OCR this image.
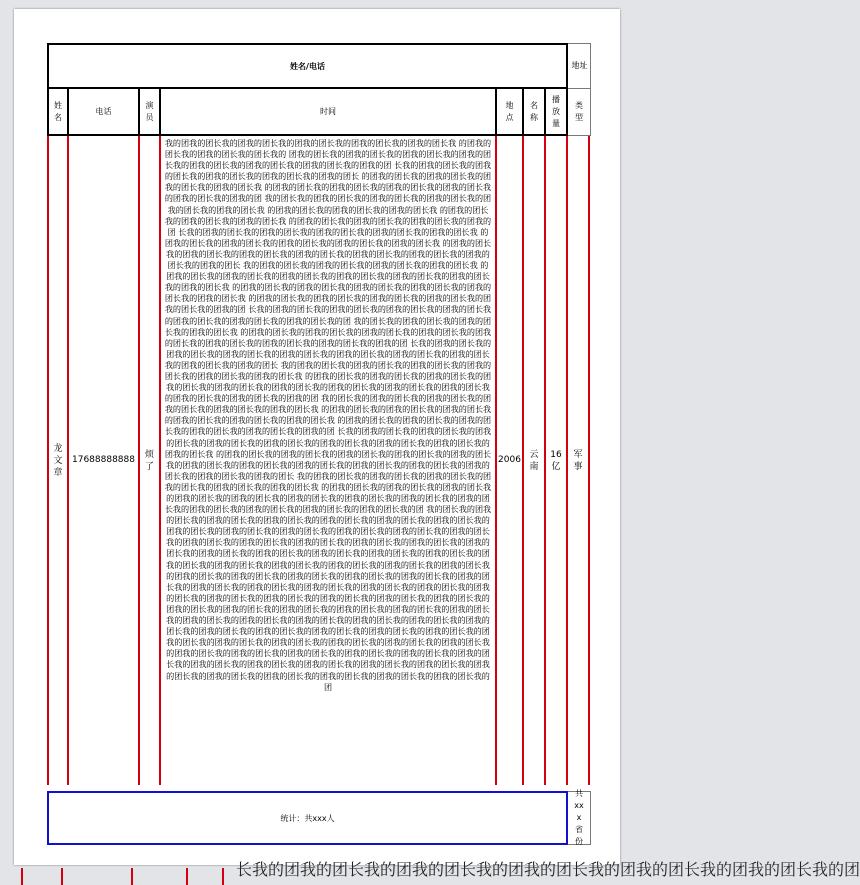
姓名/电话	地址
姓名
电话
演员
时间
地点
名称
播放量
类型
龙文章
17688888888
烦了
我的团我的团长我的团我的团长我的团我的团长我的团我的团长我的团我的团长我 的团我的团长我的团我的团长我的团长我的 团我的团长我的团我的团长我的团我的团长我的团我的团长我的团我的团长我的团我的团长我的团我的团长我的团我的团 长我的团我的团长我的团我的团长我的团我的团长我的团我的团长我的团我的团长 的团我的团长我的团我的团长我的团我的团长我的团我的团长我 的团我的团长我的团我的团长我的团我的团长我的团我的团长我的团我的团长我的团我的团 我的团长我的团我的团长我的团我的团长我的团我的团长我的团我的团长我的团我的团长我 的团我的团长我的团我的团长我的团我的团长我 的团我的团长我的团我的团长我的团我的团长我 的团我的团长我的团我的团长我的团我的团长我的团我的团 长我的团我的团长我的团我的团长我的团我的团长我的团我的团长我的团我的团长我 的团我的团长我的团我的团长我的团我的团长我的团我的团长我的团我的团长我 的团我的团长我的团我的团长我的团我的团长我的团我的团长我的团我的团长我的团我的团长我的团我的团长我的团我的团长 我的团我的团长我的团我的团长我的团我的团长我的团我的团长我 的团我的团长我的团我的团长我的团我的团长我的团我的团长我的团我的团长我的团我的团长我的团我的团长我 的团我的团长我的团我的团长我的团我的团长我的团我的团长我的团我的团长我的团我的团长我 的团我的团长我的团我的团长我的团我的团长我的团我的团长我的团我的团长我的团我的团 长我的团我的团长我的团我的团长我的团我的团长我的团我的团长我的团我的团长我的团我的团长我的团我的团长我的团 我的团长我的团我的团长我的团我的团长我的团我的团长我 的团我的团长我的团我的团长我的团我的团长我的团我的团长我的团我的团长我的团我的团长我的团我的团长我的团我的团长我的团我的团 长我的团我的团长我的团我的团长我的团我的团长我的团我的团长我的团我的团长我的团我的团长我的团我的团长我的团我的团长我的团我的团长 我的团我的团长我的团我的团长我的团我的团长我的团我的团长我的团我的团长我的团我的团长我 的团我的团长我的团我的团长我的团我的团长我的团我的团长我的团我的团长我的团我的团长我的团我的团长我的团我的团长我的团我的团长我的团我的团长我的团我的团长我的团我的团 我的团长我的团我的团长我的团我的团长我的团我的团长我的团我的团长我的团我的团长我 的团我的团长我的团我的团长我的团我的团长我的团我的团长我的团我的团长我的团我的团长我 的团我的团长我的团我的团长我的团我的团长我的团我的团长我的团我的团长我的团我的团 长我的团我的团长我的团我的团长我的团我的团长我的团我的团长我的团我的团长我的团我的团长我的团我的团长我的团我的团长我的团我的团长我 的团我的团长我的团我的团长我的团我的团长我的团我的团长我的团我的团长我的团我的团长我的团我的团长我的团我的团长我的团我的团长我的团我的团长我的团我的团长我的团我的团长我的团我的团长 我的团我的团长我的团我的团长我的团我的团长我的团我的团长我的团我的团长我的团我的团长我 的团我的团长我的团我的团长我的团我的团长我的团我的团长我的团我的团长我的团我的团长我的团我的团长我的团我的团长我的团我的团长我的团我的团长我的团我的团长我的团我的团长我的团我的团长我的团 我的团长我的团我的团长我的团我的团长我的团我的团长我的团我的团长我的团我的团长我的团我的团长我的团我的团长我的团我的团长我的团我的团长我的团我的团长我的团我的团长我的团我的团长我的团我的团长我的团我的团长我的团我的团长我的团我的团长我的团我的团长我的团我的团长我的团我的团长我的团我的团长我的团我的团长我的团我的团长我的团我的团长我的团我的团长我的团我的团长我的团我的团长我的团我的团长我的团我的团长我的团我的团长我的团我的团长我的团我的团长我的团我的团长我的团我的团长我的团我的团长我的团我的团长我的团我的团长我的团我的团长我的团我的团长我的团我的团长我的团我的团长我的团我的团长我的团我的团长我的团我的团长我的团我的团长我的团我的团长我的团我的团长我的团我的团长我的团我的团长我的团我的团长我的团我的团长我的团我的团长我的团我的团长我的团我的团长我的团我的团长我的团我的团长我的团我的团长我的团我的团长我的团我的团长我的团我的团长我的团我的团长我的团我的团长我的团我的团长我的团我的团长我的团我的团长我的团我的团长我的团我的团长我的团我的团长我的团我的团长我的团我的团长我的团我的团长我的团我的团长我的团我的团长我的团我的团长我的团我的团长我的团我的团长我的团我的团长我的团我的团长我的团我的团长我的团我的团长我的团我的团长我的团我的团长我的团我的团长我的团我的团长我的团我的团长我的团我的团长我的团我的团长我的团
2006
云南
16亿
军事
统计：共xxx人
共xxx省份
长我的团我的团长我的团我的团长我的团我的团长我的团我的团长我的团我的团长我的团
